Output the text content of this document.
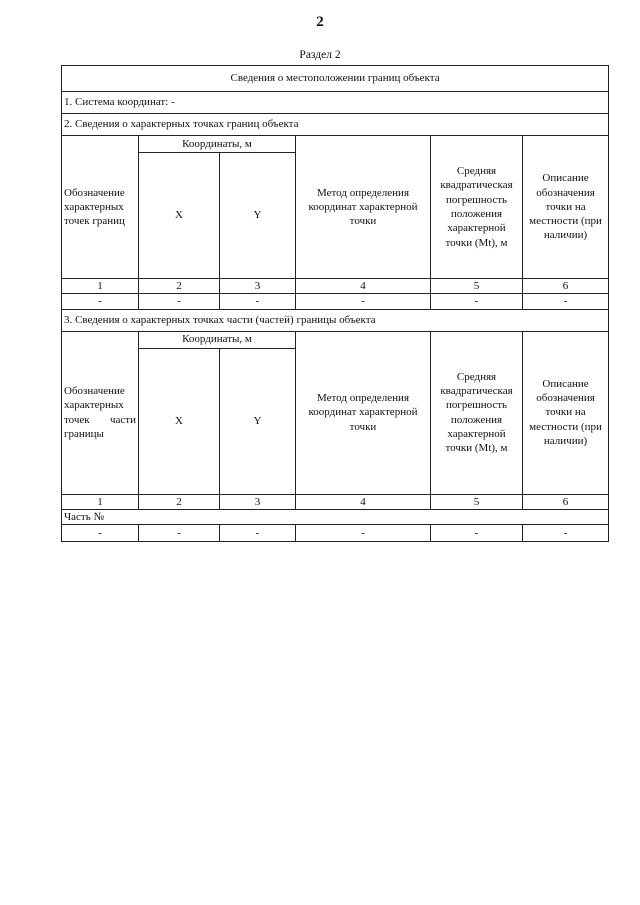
2
Раздел 2
Сведения о местоположении границ объекта					
1. Система координат: -					
2. Сведения о характерных точках границ объекта					
Обозначение характерных точек границ	Координаты, м		Метод определения координат характерной точки	Средняя квадратическая погрешность положения характерной точки (Mt), м	Описание обозначения точки на местности (при наличии)
	X	Y			
1	2	3	4	5	6
-	-	-	-	-	-
3. Сведения о характерных точках части (частей) границы объекта					
Обозначение характерных точек части границы	Координаты, м		Метод определения координат характерной точки	Средняя квадратическая погрешность положения характерной точки (Mt), м	Описание обозначения точки на местности (при наличии)
	X	Y			
1	2	3	4	5	6
Часть №					
-	-	-	-	-	-
